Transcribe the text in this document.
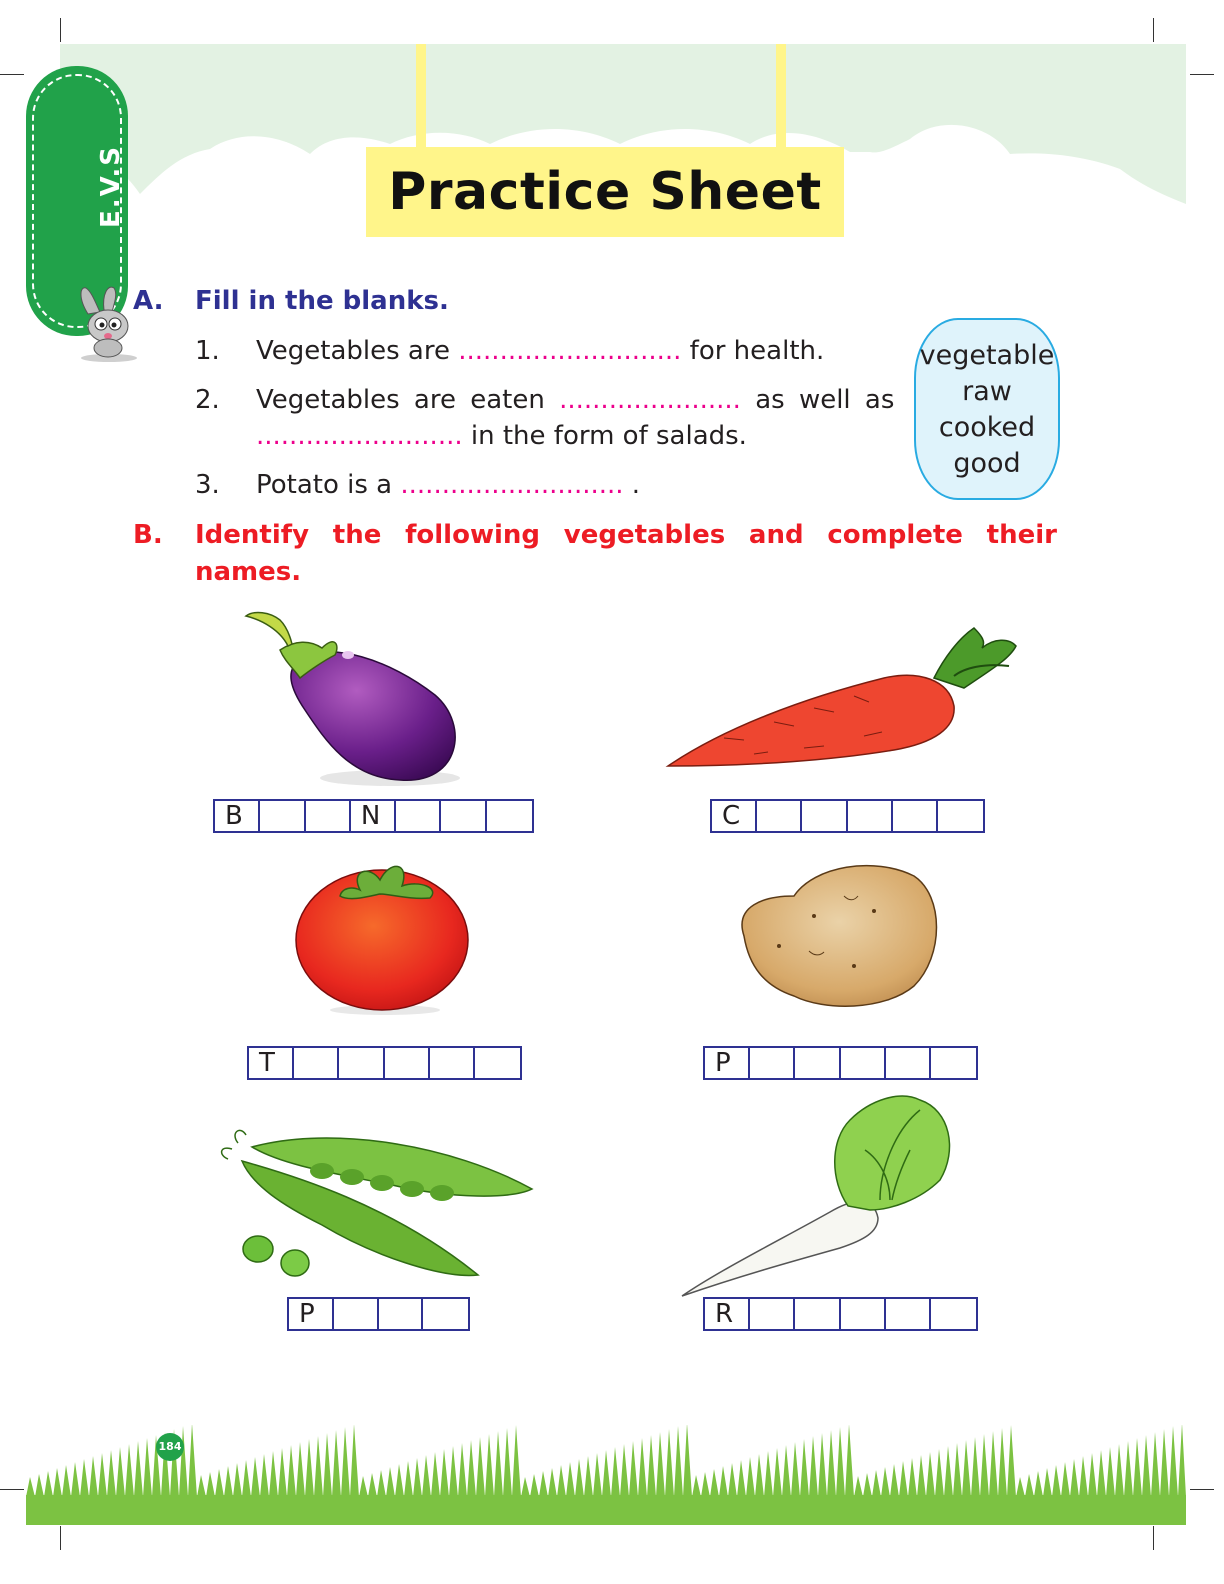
Practice Sheet
E.V.S
A. Fill in the blanks.
1. Vegetables are ........................... for health.
2. Vegetables are eaten ...................... as well as
......................... in the form of salads.
3. Potato is a ........................... .
vegetable
raw
cooked
good
B. Identify the following vegetables and complete their
names.
B	N	C
T	P
P	R
184
